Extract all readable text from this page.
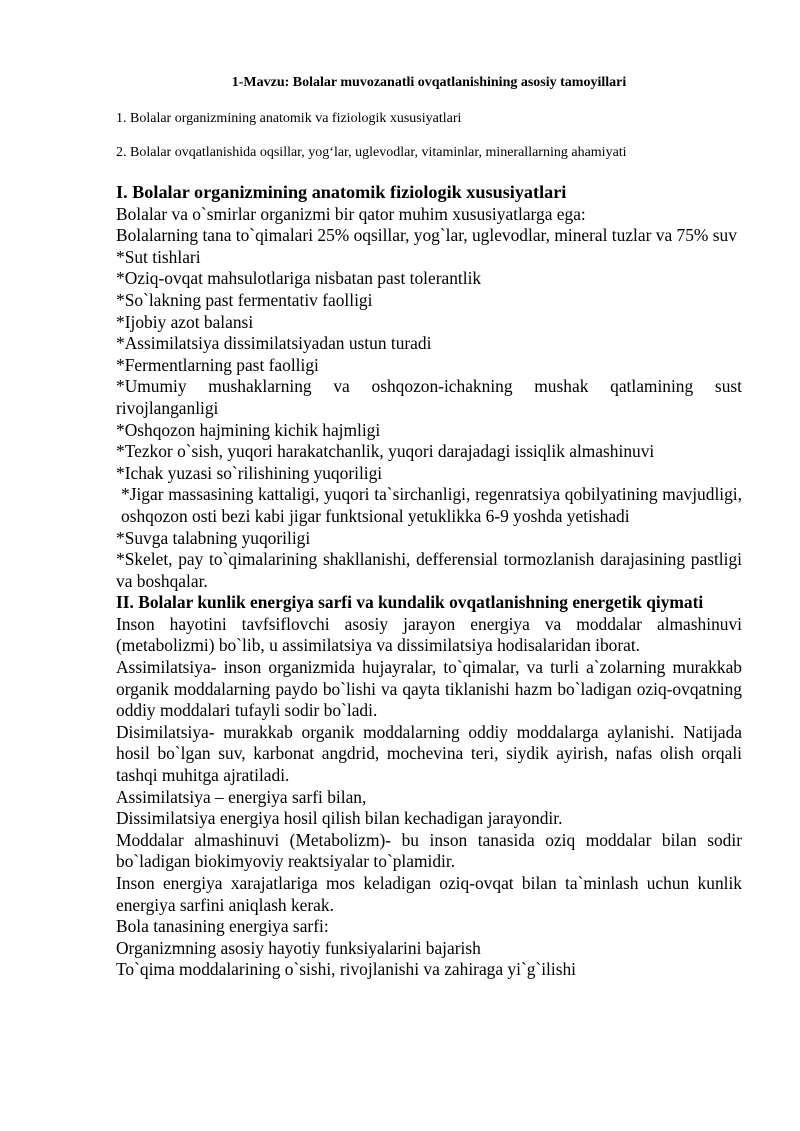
1-Mavzu: Bolalar muvozanatli ovqatlanishining asosiy tamoyillari
1. Bolalar organizmining anatomik va fiziologik xususiyatlari
2. Bolalar ovqatlanishida oqsillar, yog‘lar, uglevodlar, vitaminlar, minerallarning ahamiyati

I. Bolalar organizmining anatomik fiziologik xususiyatlari

Bolalar va o`smirlar organizmi bir qator muhim xususiyatlarga ega:

Bolalarning tana to`qimalari 25% oqsillar, yog`lar, uglevodlar, mineral tuzlar va 75% suv

*Sut tishlari

*Oziq-ovqat mahsulotlariga nisbatan past tolerantlik

*So`lakning past fermentativ faolligi

*Ijobiy azot balansi

*Assimilatsiya dissimilatsiyadan ustun turadi

*Fermentlarning past faolligi

*Umumiy mushaklarning va oshqozon-ichakning mushak qatlamining sust rivojlanganligi

*Oshqozon hajmining kichik hajmligi

*Tezkor o`sish, yuqori harakatchanlik, yuqori darajadagi issiqlik almashinuvi

*Ichak yuzasi so`rilishining yuqoriligi

*Jigar massasining kattaligi, yuqori ta`sirchanligi, regenratsiya qobilyatining mavjudligi, oshqozon osti bezi kabi jigar funktsional yetuklikka 6-9 yoshda yetishadi

*Suvga talabning yuqoriligi

*Skelet, pay to`qimalarining shakllanishi, defferensial tormozlanish darajasining pastligi va boshqalar.

II. Bolalar kunlik energiya sarfi va kundalik ovqatlanishning energetik qiymati

Inson hayotini tavfsiflovchi asosiy jarayon energiya va moddalar almashinuvi (metabolizmi) bo`lib, u assimilatsiya va dissimilatsiya hodisalaridan iborat.

Assimilatsiya- inson organizmida hujayralar, to`qimalar, va turli a`zolarning murakkab organik moddalarning paydo bo`lishi va qayta tiklanishi hazm bo`ladigan oziq-ovqatning oddiy moddalari tufayli sodir bo`ladi.

Disimilatsiya- murakkab organik moddalarning oddiy moddalarga aylanishi. Natijada hosil bo`lgan suv, karbonat angdrid, mochevina teri, siydik ayirish, nafas olish orqali tashqi muhitga ajratiladi.

Assimilatsiya – energiya sarfi bilan,

Dissimilatsiya energiya hosil qilish bilan kechadigan jarayondir.

Moddalar almashinuvi (Metabolizm)- bu inson tanasida oziq moddalar bilan sodir bo`ladigan biokimyoviy reaktsiyalar to`plamidir.

Inson energiya xarajatlariga mos keladigan oziq-ovqat bilan ta`minlash uchun kunlik energiya sarfini aniqlash kerak.

Bola tanasining energiya sarfi:

Organizmning asosiy hayotiy funksiyalarini bajarish

To`qima moddalarining o`sishi, rivojlanishi va zahiraga yi`g`ilishi
